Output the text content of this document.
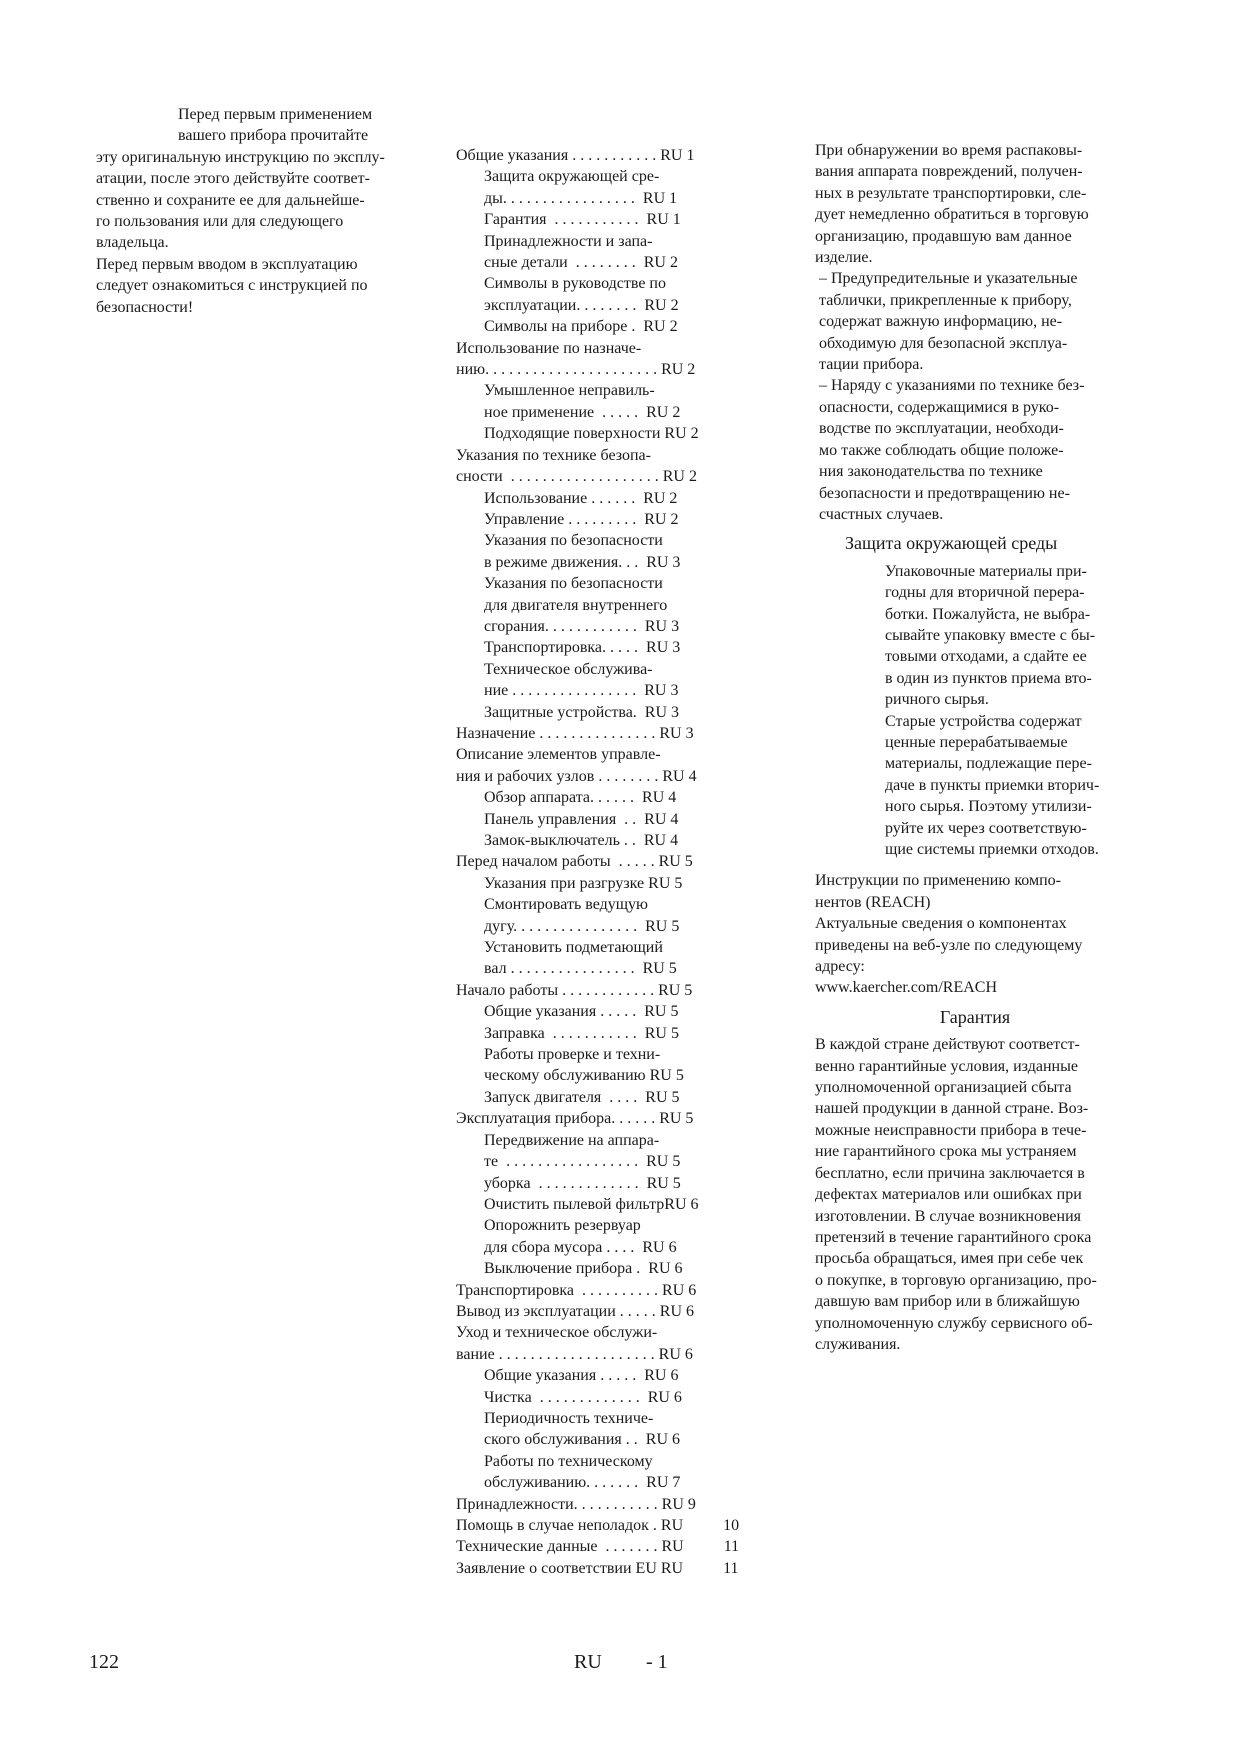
Перед первым применением
вашего прибора прочитайте
эту оригинальную инструкцию по эксплу-
атации, после этого действуйте соответ-
ственно и сохраните ее для дальнейше-
го пользования или для следующего
владельца.
Перед первым вводом в эксплуатацию
следует ознакомиться с инструкцией по
безопасности!

Общие указания . . . . . . . . . . . RU 1
Защита окружающей сре-
ды. . . . . . . . . . . . . . . . .  RU 1
Гарантия  . . . . . . . . . . .  RU 1
Принадлежности и запа-
сные детали  . . . . . . . .  RU 2
Символы в руководстве по
эксплуатации. . . . . . . .  RU 2
Символы на приборе .  RU 2
Использование по назначе-
нию. . . . . . . . . . . . . . . . . . . . . . RU 2
Умышленное неправиль-
ное применение  . . . . .  RU 2
Подходящие поверхности RU 2
Указания по технике безопа-
сности  . . . . . . . . . . . . . . . . . . . RU 2
Использование . . . . . .  RU 2
Управление . . . . . . . . .  RU 2
Указания по безопасности
в режиме движения. . .  RU 3
Указания по безопасности
для двигателя внутреннего
сгорания. . . . . . . . . . . .  RU 3
Транспортировка. . . . .  RU 3
Техническое обслужива-
ние . . . . . . . . . . . . . . . .  RU 3
Защитные устройства.  RU 3
Назначение . . . . . . . . . . . . . . . RU 3
Описание элементов управле-
ния и рабочих узлов . . . . . . . . RU 4
Обзор аппарата. . . . . .  RU 4
Панель управления  . .  RU 4
Замок-выключатель . .  RU 4
Перед началом работы  . . . . . RU 5
Указания при разгрузке RU 5
Смонтировать ведущую
дугу. . . . . . . . . . . . . . . .  RU 5
Установить подметающий
вал . . . . . . . . . . . . . . . .  RU 5
Начало работы . . . . . . . . . . . . RU 5
Общие указания . . . . .  RU 5
Заправка  . . . . . . . . . . .  RU 5
Работы проверке и техни-
ческому обслуживанию RU 5
Запуск двигателя  . . . .  RU 5
Эксплуатация прибора. . . . . . RU 5
Передвижение на аппара-
те  . . . . . . . . . . . . . . . . .  RU 5
уборка  . . . . . . . . . . . . .  RU 5
Очистить пылевой фильтрRU 6
Опорожнить резервуар
для сбора мусора . . . .  RU 6
Выключение прибора .  RU 6
Транспортировка  . . . . . . . . . . RU 6
Вывод из эксплуатации . . . . . RU 6
Уход и техническое обслужи-
вание . . . . . . . . . . . . . . . . . . . . RU 6
Общие указания . . . . .  RU 6
Чистка  . . . . . . . . . . . . .  RU 6
Периодичность техниче-
ского обслуживания . .  RU 6
Работы по техническому
обслуживанию. . . . . . .  RU 7
Принадлежности. . . . . . . . . . . RU 9
Помощь в случае неполадок . RU          10
Технические данные  . . . . . . . RU          11
Заявление о соответствии EU RU          11

При обнаружении во время распаковы-
вания аппарата повреждений, получен-
ных в результате транспортировки, сле-
дует немедленно обратиться в торговую
организацию, продавшую вам данное
изделие.

– Предупредительные и указательные
таблички, прикрепленные к прибору,
содержат важную информацию, не-
обходимую для безопасной эксплуа-
тации прибора.

– Наряду с указаниями по технике без-
опасности, содержащимися в руко-
водстве по эксплуатации, необходи-
мо также соблюдать общие положе-
ния законодательства по технике
безопасности и предотвращению не-
счастных случаев.

Защита окружающей среды

Упаковочные материалы при-
годны для вторичной перера-
ботки. Пожалуйста, не выбра-
сывайте упаковку вместе с бы-
товыми отходами, а сдайте ее
в один из пунктов приема вто-
ричного сырья.

Старые устройства содержат
ценные перерабатываемые
материалы, подлежащие пере-
даче в пункты приемки вторич-
ного сырья. Поэтому утилизи-
руйте их через соответствую-
щие системы приемки отходов.

Инструкции по применению компо-
нентов (REACH)
Актуальные сведения о компонентах
приведены на веб-узле по следующему
адресу:
www.kaercher.com/REACH

Гарантия

В каждой стране действуют соответст-
венно гарантийные условия, изданные
уполномоченной организацией сбыта
нашей продукции в данной стране. Воз-
можные неисправности прибора в тече-
ние гарантийного срока мы устраняем
бесплатно, если причина заключается в
дефектах материалов или ошибках при
изготовлении. В случае возникновения
претензий в течение гарантийного срока
просьба обращаться, имея при себе чек
о покупке, в торговую организацию, про-
давшую вам прибор или в ближайшую
уполномоченную службу сервисного об-
служивания.

122	RU - 1
